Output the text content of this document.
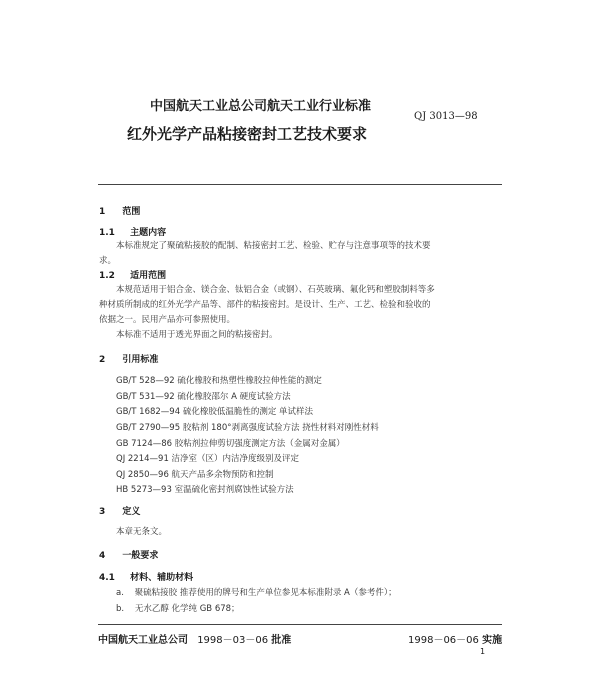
中国航天工业总公司航天工业行业标准
QJ 3013—98
红外光学产品粘接密封工艺技术要求
1 范围
1.1 主题内容
本标准规定了聚硫粘接胶的配制、粘接密封工艺、检验、贮存与注意事项等的技术要
求。
1.2 适用范围
本规范适用于铝合金、镁合金、钛铝合金（或钢）、石英玻璃、氟化钙和塑胶制料等多
种材质所制成的红外光学产品等、部件的粘接密封。是设计、生产、工艺、检验和验收的
依据之一。民用产品亦可参照使用。
本标准不适用于透光界面之间的粘接密封。
2 引用标准
GB/T 528—92 硫化橡胶和热塑性橡胶拉伸性能的测定
GB/T 531—92 硫化橡胶邵尔 A 硬度试验方法
GB/T 1682—94 硫化橡胶低温脆性的测定 单试样法
GB/T 2790—95 胶粘剂 180°剥离强度试验方法 挠性材料对刚性材料
GB 7124—86 胶粘剂拉伸剪切强度测定方法（金属对金属）
QJ 2214—91 洁净室（区）内洁净度级别及评定
QJ 2850—96 航天产品多余物预防和控制
HB 5273—93 室温硫化密封剂腐蚀性试验方法
3 定义
本章无条文。
4 一般要求
4.1 材料、辅助材料
a. 聚硫粘接胶 推荐使用的牌号和生产单位参见本标准附录 A（参考件）；
b. 无水乙醇 化学纯 GB 678；
中国航天工业总公司 1998－03－06 批准	1998－06－06 实施
1
